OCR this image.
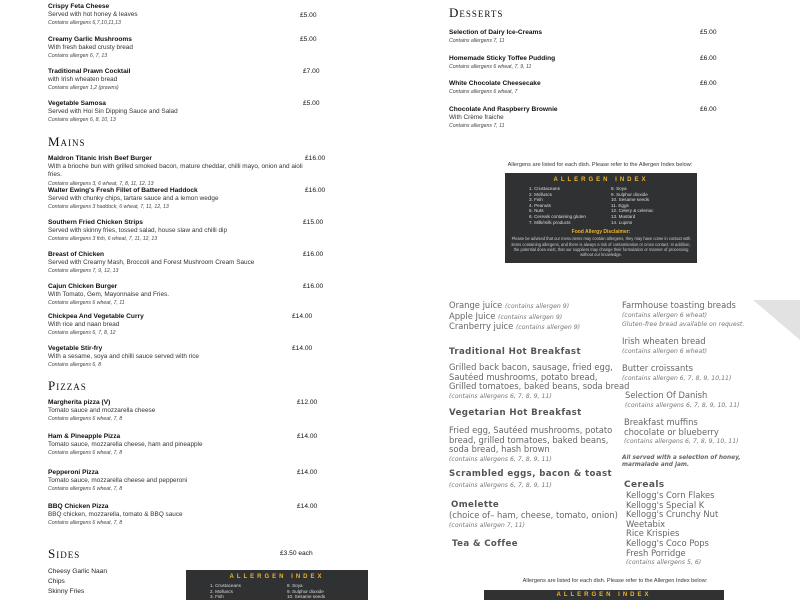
Crispy Feta Cheese
Served with hot honey & leaves
Contains allergens 6,7,10,11,13
£5.00
Creamy Garlic Mushrooms
With fresh baked crusty bread
Contains allergen 6, 7, 13
£5.00
Traditional Prawn Cocktail
with Irish wheaten bread
Contains allergen 1,2 (prawns)
£7.00
Vegetable Samosa
Served with Hoi Sin Dipping Sauce and Salad
Contains allergen 6, 8, 10, 13
£5.00
Mains
Maldron Titanic Irish Beef Burger
With a brioche bun with grilled smoked bacon, mature cheddar, chilli mayo, onion and aioli fries.
Contains allergens 3, 6 wheat, 7, 8, 11, 12, 13
£16.00
Walter Ewing's Fresh Fillet of Battered Haddock
Served with chunky chips, tartare sauce and a lemon wedge
Contains allergens 3 haddock, 6 wheat, 7, 11, 12, 13
£16.00
Southern Fried Chicken Strips
Served with skinny fries, tossed salad, house slaw and chilli dip
Contains allergens 3 fish, 6 wheat, 7, 11, 12, 13
£15.00
Breast of Chicken
Served with Creamy Mash, Broccoli and Forest Mushroom Cream Sauce
Contains allergens 7, 9, 12, 13
£16.00
Cajun Chicken Burger
With Tomato, Gem, Mayonnaise and Fries.
Contains allergens 6 wheat, 7, 11
£16.00
Chickpea And Vegetable Curry
With rice and naan bread
Contains allergens 6, 7, 8, 12
£14.00
Vegetable Stir-fry
With a sesame, soya and chilli sauce served with rice
Contains allergens 6, 8
£14.00
Pizzas
Margherita pizza (V)
Tomato sauce and mozzarella cheese
Contains allergens 6 wheat, 7, 8
£12.00
Ham & Pineapple Pizza
Tomato sauce, mozzarella cheese, ham and pineapple
Contains allergens 6 wheat, 7, 8
£14.00
Pepperoni Pizza
Tomato sauce, mozzarella cheese and pepperoni
Contains allergens 6 wheat, 7, 8
£14.00
BBQ Chicken Pizza
BBQ chicken, mozzarella, tomato & BBQ sauce
Contains allergens 6 wheat, 7, 8
£14.00
Sides	£3.50 each
Cheesy Garlic Naan
Chips
Skinny Fries
ALLERGEN INDEX
1. Crustaceans	8. Soya
2. Molluscs	9. Sulphur dioxide
3. Fish	10. Sesame seeds
Desserts
Selection of Dairy Ice-Creams
Contains allergens 7, 11
£5.00
Homemade Sticky Toffee Pudding
Contains allergens 6 wheat, 7, 9, 11
£6.00
White Chocolate Cheesecake
Contains allergens 6 wheat, 7
£6.00
Chocolate And Raspberry Brownie
With Crème fraiche
Contains allergens 7, 11
£6.00
Allergens are listed for each dish. Please refer to the Allergen Index below:
ALLERGEN INDEX
1. Crustaceans	8. Soya
2. Molluscs	9. Sulphur dioxide
3. Fish	10. Sesame seeds
4. Peanuts	11. Eggs
5. Nuts	12. Celery & celeriac
6. Cereals containing gluten	13. Mustard
7. Milk/milk products	14. Lupins
Food Allergy Disclaimer:
Please be advised that our menu items may contain allergens, they may have come in contact with items containing allergens, and there is always a risk of contamination or cross contact. In addition, the potential does exist, that our suppliers may change their formulation or manner of processing without our knowledge.
Orange juice (contains allergen 9)
Apple Juice (contains allergen 9)
Cranberry juice (contains allergen 9)
Traditional Hot Breakfast
Grilled back bacon, sausage, fried egg,
Sautéed mushrooms, potato bread,
Grilled tomatoes, baked beans, soda bread
(contains allergens 6, 7, 8, 9, 11)
Vegetarian Hot Breakfast
Fried egg, Sautéed mushrooms, potato
bread, grilled tomatoes, baked beans,
soda bread, hash brown
(contains allergens 6, 7, 8, 9, 11)
Scrambled eggs, bacon & toast
(contains allergens 6, 7, 8, 9, 11)
Omelette
(choice of– ham, cheese, tomato, onion)
(contains allergen 7, 11)
Tea & Coffee
Farmhouse toasting breads
(contains allergen 6 wheat)
Gluten-free bread available on request.
Irish wheaten bread
(contains allergen 6 wheat)
Butter croissants
(contains allergen 6, 7, 8, 9, 10,11)
Selection Of Danish
(contains allergens 6, 7, 8, 9, 10, 11)
Breakfast muffins
chocolate or blueberry
(contains allergens 6, 7, 8, 9, 10, 11)
All served with a selection of honey,
marmalade and jam.
Cereals
Kellogg's Corn Flakes
Kellogg's Special K
Kellogg's Crunchy Nut
Weetabix
Rice Krispies
Kellogg's Coco Pops
Fresh Porridge
(contains allergens 5, 6)
Allergens are listed for each dish. Please refer to the Allergen Index below:
ALLERGEN INDEX
